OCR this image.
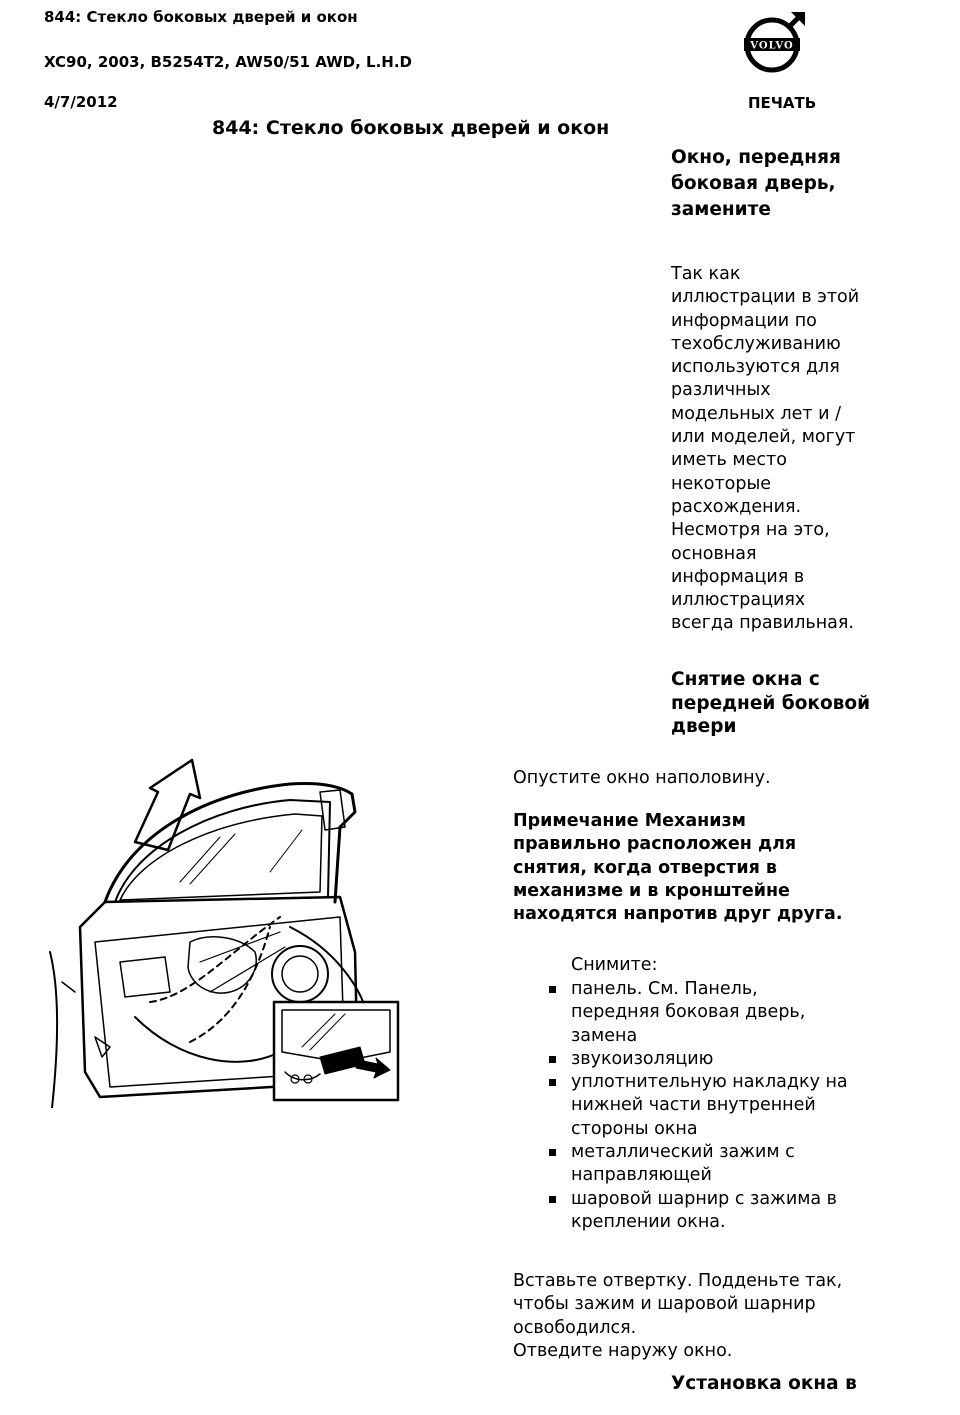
844: Стекло боковых дверей и окон
XC90, 2003, B5254T2, AW50/51 AWD, L.H.D
4/7/2012
VOLVO
ПЕЧАТЬ
844: Стекло боковых дверей и окон
Окно, передняя
боковая дверь,
замените
Так как
иллюстрации в этой
информации по
техобслуживанию
используются для
различных
модельных лет и /
или моделей, могут
иметь место
некоторые
расхождения.
Несмотря на это,
основная
информация в
иллюстрациях
всегда правильная.
Снятие окна с
передней боковой
двери
Опустите окно наполовину.
Примечание Механизм
правильно расположен для
снятия, когда отверстия в
механизме и в кронштейне
находятся напротив друг друга.
Снимите:
панель. См. Панель,
передняя боковая дверь,
замена
звукоизоляцию
уплотнительную накладку на
нижней части внутренней
стороны окна
металлический зажим с
направляющей
шаровой шарнир с зажима в
креплении окна.
Вставьте отвертку. Подденьте так,
чтобы зажим и шаровой шарнир
освободился.
Отведите наружу окно.
Установка окна в
